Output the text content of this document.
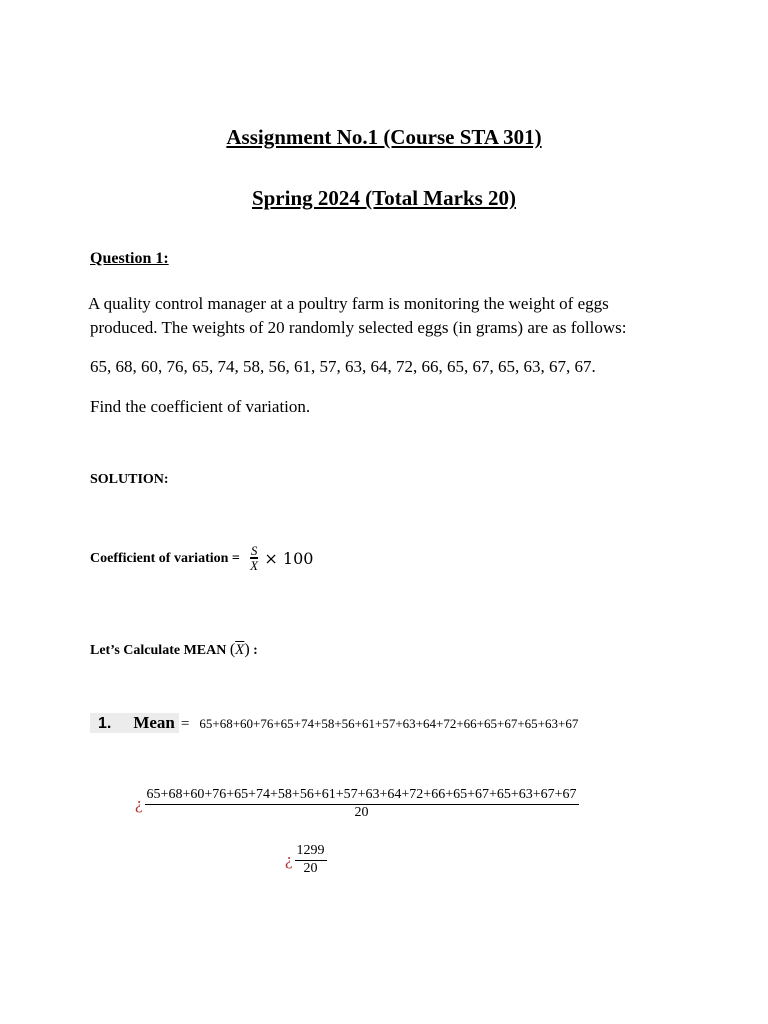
Assignment No.1 (Course STA 301)
Spring 2024 (Total Marks 20)
Question 1:
A quality control manager at a poultry farm is monitoring the weight of eggs
produced. The weights of 20 randomly selected eggs (in grams) are as follows:
65, 68, 60, 76, 65, 74, 58, 56, 61, 57, 63, 64, 72, 66, 65, 67, 65, 63, 67, 67.
Find the coefficient of variation.
SOLUTION:
Coefficient of variation = $\frac{S}{X} \times 100$
Let’s Calculate MEAN $(\overline{X})$ :
1. Mean = 65+68+60+76+65+74+58+56+61+57+63+64+72+66+65+67+65+63+67
¿ $\frac{65+68+60+76+65+74+58+56+61+57+63+64+72+66+65+67+65+63+67+67}{20}$
¿ $\frac{1299}{20}$
